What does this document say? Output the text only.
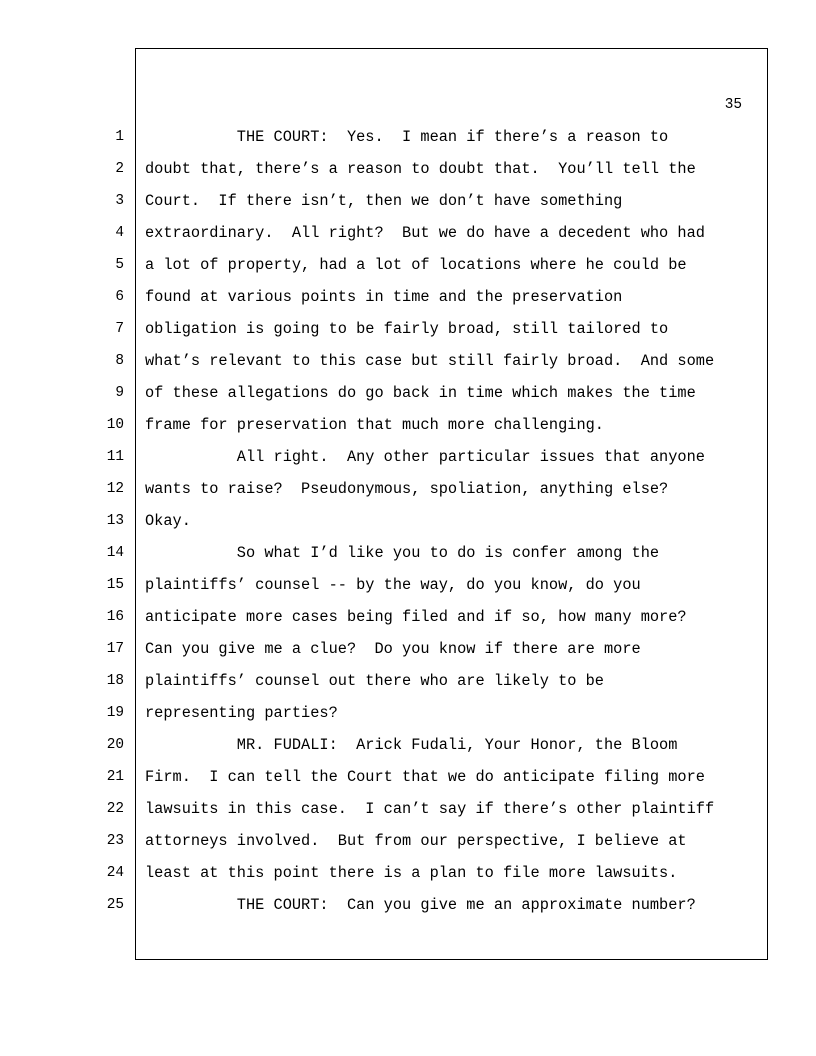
35
1 THE COURT:  Yes.  I mean if there’s a reason to
2 doubt that, there’s a reason to doubt that.  You’ll tell the
3 Court.  If there isn’t, then we don’t have something
4 extraordinary.  All right?  But we do have a decedent who had
5 a lot of property, had a lot of locations where he could be
6 found at various points in time and the preservation
7 obligation is going to be fairly broad, still tailored to
8 what’s relevant to this case but still fairly broad.  And some
9 of these allegations do go back in time which makes the time
10 frame for preservation that much more challenging.
11 All right.  Any other particular issues that anyone
12 wants to raise?  Pseudonymous, spoliation, anything else?
13 Okay.
14 So what I’d like you to do is confer among the
15 plaintiffs’ counsel -- by the way, do you know, do you
16 anticipate more cases being filed and if so, how many more?
17 Can you give me a clue?  Do you know if there are more
18 plaintiffs’ counsel out there who are likely to be
19 representing parties?
20 MR. FUDALI:  Arick Fudali, Your Honor, the Bloom
21 Firm.  I can tell the Court that we do anticipate filing more
22 lawsuits in this case.  I can’t say if there’s other plaintiff
23 attorneys involved.  But from our perspective, I believe at
24 least at this point there is a plan to file more lawsuits.
25 THE COURT:  Can you give me an approximate number?
